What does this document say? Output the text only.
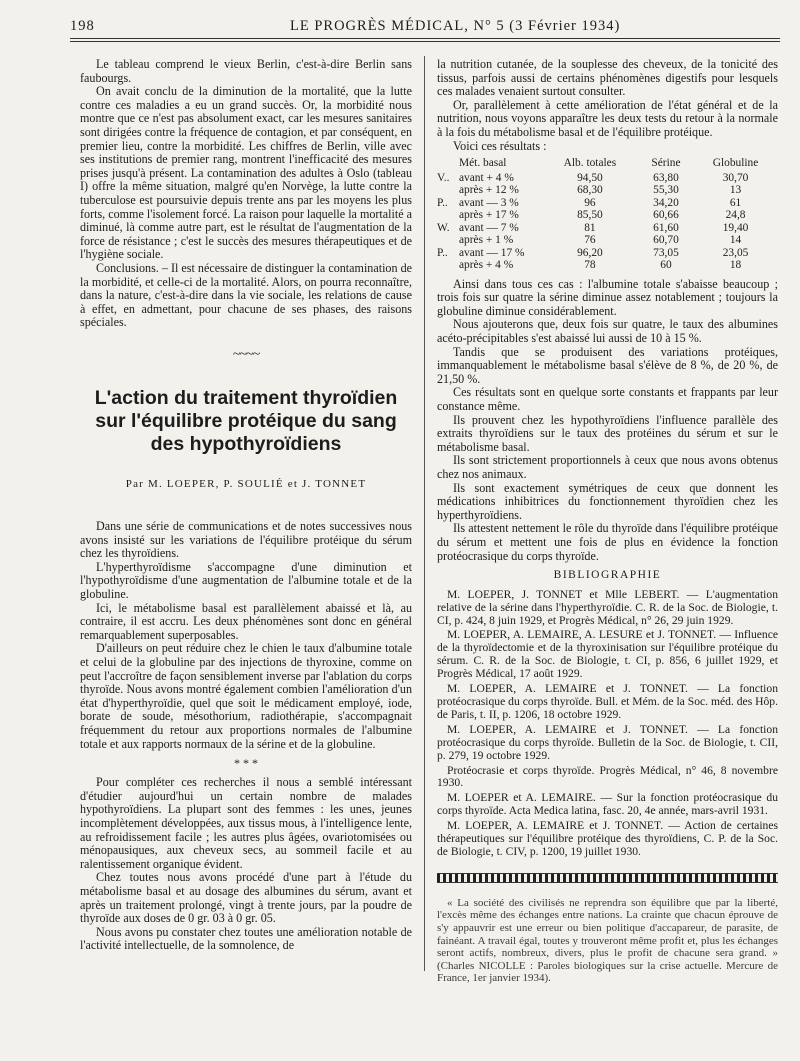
198	LE PROGRÈS MÉDICAL, N° 5 (3 Février 1934)

Le tableau comprend le vieux Berlin, c'est-à-dire Berlin sans faubourgs.

On avait conclu de la diminution de la mortalité, que la lutte contre ces maladies a eu un grand succès. Or, la morbidité nous montre que ce n'est pas absolument exact, car les mesures sanitaires sont dirigées contre la fréquence de contagion, et par conséquent, en premier lieu, contre la morbidité. Les chiffres de Berlin, ville avec ses institutions de premier rang, montrent l'inefficacité des mesures prises jusqu'à présent. La contamination des adultes à Oslo (tableau I) offre la même situation, malgré qu'en Norvège, la lutte contre la tuberculose est poursuivie depuis trente ans par les moyens les plus forts, comme l'isolement forcé. La raison pour laquelle la mortalité a diminué, là comme autre part, est le résultat de l'augmentation de la force de résistance ; c'est le succès des mesures thérapeutiques et de l'hygiène sociale.

Conclusions. – Il est nécessaire de distinguer la contamination de la morbidité, et celle-ci de la mortalité. Alors, on pourra reconnaître, dans la nature, c'est-à-dire dans la vie sociale, les relations de cause à effet, en admettant, pour chacune de ses phases, des raisons spéciales.

~~~~
L'action du traitement thyroïdien
sur l'équilibre protéique du sang
des hypothyroïdiens
Par M. LOEPER, P. SOULIÉ et J. TONNET

Dans une série de communications et de notes successives nous avons insisté sur les variations de l'équilibre protéique du sérum chez les thyroïdiens.

L'hyperthyroïdisme s'accompagne d'une diminution et l'hypothyroïdisme d'une augmentation de l'albumine totale et de la globuline.

Ici, le métabolisme basal est parallèlement abaissé et là, au contraire, il est accru. Les deux phénomènes sont donc en général remarquablement superposables.

D'ailleurs on peut réduire chez le chien le taux d'albumine totale et celui de la globuline par des injections de thyroxine, comme on peut l'accroître de façon sensiblement inverse par l'ablation du corps thyroïde. Nous avons montré également combien l'amélioration d'un état d'hyperthyroïdie, quel que soit le médicament employé, iode, borate de soude, mésothorium, radiothérapie, s'accompagnait fréquemment du retour aux proportions normales de l'albumine totale et aux rapports normaux de la sérine et de la globuline.

* * *

Pour compléter ces recherches il nous a semblé intéressant d'étudier aujourd'hui un certain nombre de malades hypothyroïdiens. La plupart sont des femmes : les unes, jeunes incomplètement développées, aux tissus mous, à l'intelligence lente, au refroidissement facile ; les autres plus âgées, ovariotomisées ou ménopausiques, aux cheveux secs, au sommeil facile et au ralentissement organique évident.

Chez toutes nous avons procédé d'une part à l'étude du métabolisme basal et au dosage des albumines du sérum, avant et après un traitement prolongé, vingt à trente jours, par la poudre de thyroïde aux doses de 0 gr. 03 à 0 gr. 05.

Nous avons pu constater chez toutes une amélioration notable de l'activité intellectuelle, de la somnolence, de

la nutrition cutanée, de la souplesse des cheveux, de la tonicité des tissus, parfois aussi de certains phénomènes digestifs pour lesquels ces malades venaient surtout consulter.

Or, parallèlement à cette amélioration de l'état général et de la nutrition, nous voyons apparaître les deux tests du retour à la normale à la fois du métabolisme basal et de l'équilibre protéique.

Voici ces résultats :

	Mét. basal	Alb. totales	Sérine	Globuline
V..	avant + 4 %	94,50	63,80	30,70
	après + 12 %	68,30	55,30	13
P..	avant — 3 %	96	34,20	61
	après + 17 %	85,50	60,66	24,8
W.	avant — 7 %	81	61,60	19,40
	après + 1 %	76	60,70	14
P..	avant — 17 %	96,20	73,05	23,05
	après + 4 %	78	60	18

Ainsi dans tous ces cas : l'albumine totale s'abaisse beaucoup ; trois fois sur quatre la sérine diminue assez notablement ; toujours la globuline diminue considérablement.

Nous ajouterons que, deux fois sur quatre, le taux des albumines acéto-précipitables s'est abaissé lui aussi de 10 à 15 %.

Tandis que se produisent des variations protéiques, immanquablement le métabolisme basal s'élève de 8 %, de 20 %, de 21,50 %.

Ces résultats sont en quelque sorte constants et frappants par leur constance même.

Ils prouvent chez les hypothyroïdiens l'influence parallèle des extraits thyroïdiens sur le taux des protéines du sérum et sur le métabolisme basal.

Ils sont strictement proportionnels à ceux que nous avons obtenus chez nos animaux.

Ils sont exactement symétriques de ceux que donnent les médications inhibitrices du fonctionnement thyroïdien chez les hyperthyroïdiens.

Ils attestent nettement le rôle du thyroïde dans l'équilibre protéique du sérum et mettent une fois de plus en évidence la fonction protéocrasique du corps thyroïde.

BIBLIOGRAPHIE

M. LOEPER, J. TONNET et Mlle LEBERT. — L'augmentation relative de la sérine dans l'hyperthyroïdie. C. R. de la Soc. de Biologie, t. CI, p. 424, 8 juin 1929, et Progrès Médical, n° 26, 29 juin 1929.

M. LOEPER, A. LEMAIRE, A. LESURE et J. TONNET. — Influence de la thyroïdectomie et de la thyroxinisation sur l'équilibre protéique du sérum. C. R. de la Soc. de Biologie, t. CI, p. 856, 6 juillet 1929, et Progrès Médical, 17 août 1929.

M. LOEPER, A. LEMAIRE et J. TONNET. — La fonction protéocrasique du corps thyroïde. Bull. et Mém. de la Soc. méd. des Hôp. de Paris, t. II, p. 1206, 18 octobre 1929.

M. LOEPER, A. LEMAIRE et J. TONNET. — La fonction protéocrasique du corps thyroïde. Bulletin de la Soc. de Biologie, t. CII, p. 279, 19 octobre 1929.

Protéocrasie et corps thyroïde. Progrès Médical, n° 46, 8 novembre 1930.

M. LOEPER et A. LEMAIRE. — Sur la fonction protéocrasique du corps thyroïde. Acta Medica latina, fasc. 20, 4e année, mars-avril 1931.

M. LOEPER, A. LEMAIRE et J. TONNET. — Action de certaines thérapeutiques sur l'équilibre protéique des thyroïdiens, C. P. de la Soc. de Biologie, t. CIV, p. 1200, 19 juillet 1930.

« La société des civilisés ne reprendra son équilibre que par la liberté, l'excès même des échanges entre nations. La crainte que chacun éprouve de s'y appauvrir est une erreur ou bien politique d'accapareur, de parasite, de fainéant. A travail égal, toutes y trouveront même profit et, plus les échanges seront actifs, nombreux, divers, plus le profit de chacune sera grand. » (Charles NICOLLE : Paroles biologiques sur la crise actuelle. Mercure de France, 1er janvier 1934).
